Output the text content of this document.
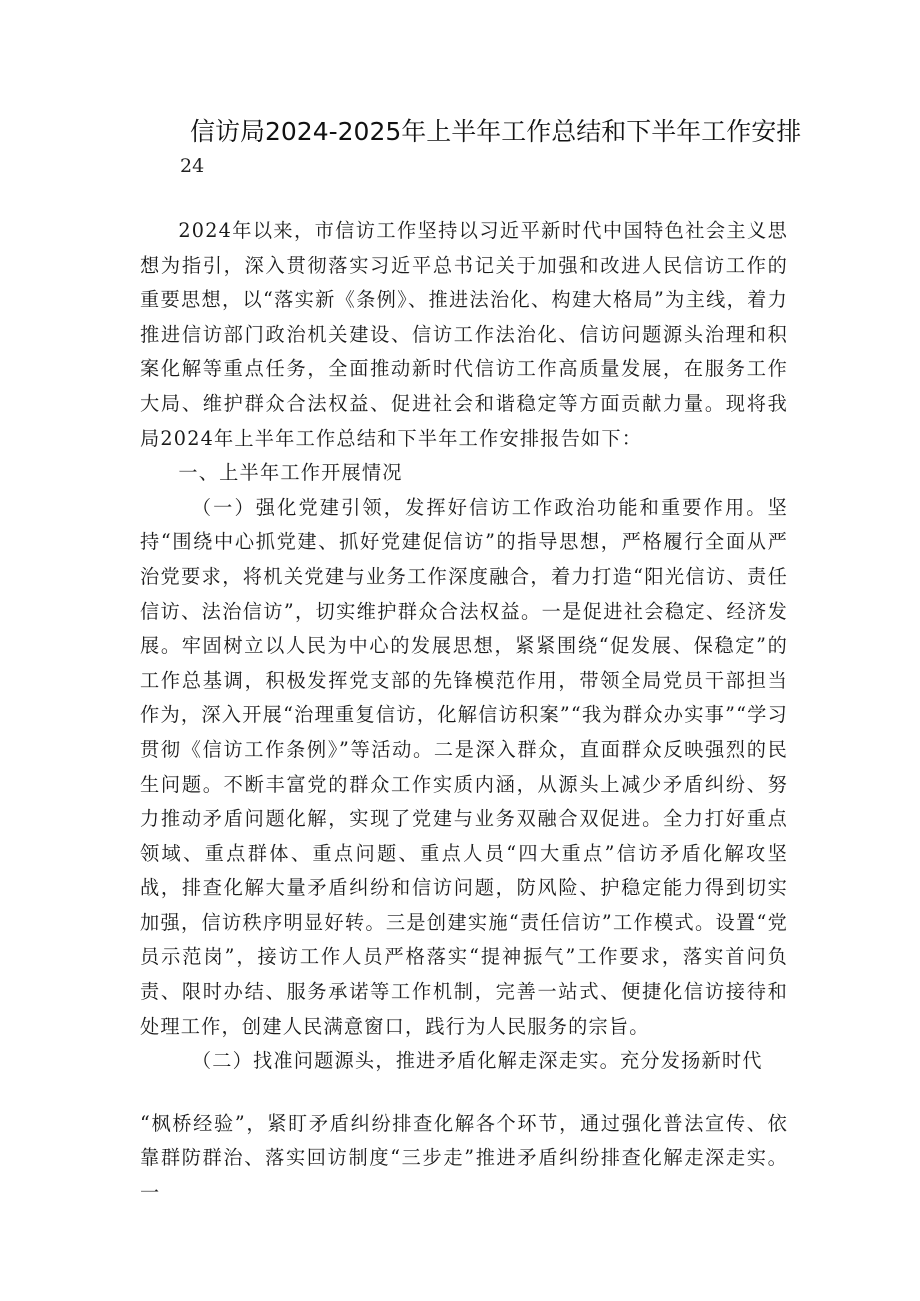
信访局2024-2025年上半年工作总结和下半年工作安排
24

2024年以来，市信访工作坚持以习近平新时代中国特色社会主义思想为指引，深入贯彻落实习近平总书记关于加强和改进人民信访工作的重要思想，以“落实新《条例》、推进法治化、构建大格局”为主线，着力推进信访部门政治机关建设、信访工作法治化、信访问题源头治理和积案化解等重点任务，全面推动新时代信访工作高质量发展，在服务工作大局、维护群众合法权益、促进社会和谐稳定等方面贡献力量。现将我局2024年上半年工作总结和下半年工作安排报告如下：

一、上半年工作开展情况

（一）强化党建引领，发挥好信访工作政治功能和重要作用。坚持“围绕中心抓党建、抓好党建促信访”的指导思想，严格履行全面从严治党要求，将机关党建与业务工作深度融合，着力打造“阳光信访、责任信访、法治信访”，切实维护群众合法权益。一是促进社会稳定、经济发展。牢固树立以人民为中心的发展思想，紧紧围绕“促发展、保稳定”的工作总基调，积极发挥党支部的先锋模范作用，带领全局党员干部担当作为，深入开展“治理重复信访，化解信访积案”“我为群众办实事”“学习贯彻《信访工作条例》”等活动。二是深入群众，直面群众反映强烈的民生问题。不断丰富党的群众工作实质内涵，从源头上减少矛盾纠纷、努力推动矛盾问题化解，实现了党建与业务双融合双促进。全力打好重点领域、重点群体、重点问题、重点人员“四大重点”信访矛盾化解攻坚战，排查化解大量矛盾纠纷和信访问题，防风险、护稳定能力得到切实加强，信访秩序明显好转。三是创建实施“责任信访”工作模式。设置“党员示范岗”，接访工作人员严格落实“提神振气”工作要求，落实首问负责、限时办结、服务承诺等工作机制，完善一站式、便捷化信访接待和处理工作，创建人民满意窗口，践行为人民服务的宗旨。

（二）找准问题源头，推进矛盾化解走深走实。充分发扬新时代

“枫桥经验”，紧盯矛盾纠纷排查化解各个环节，通过强化普法宣传、依靠群防群治、落实回访制度“三步走”推进矛盾纠纷排查化解走深走实。一
